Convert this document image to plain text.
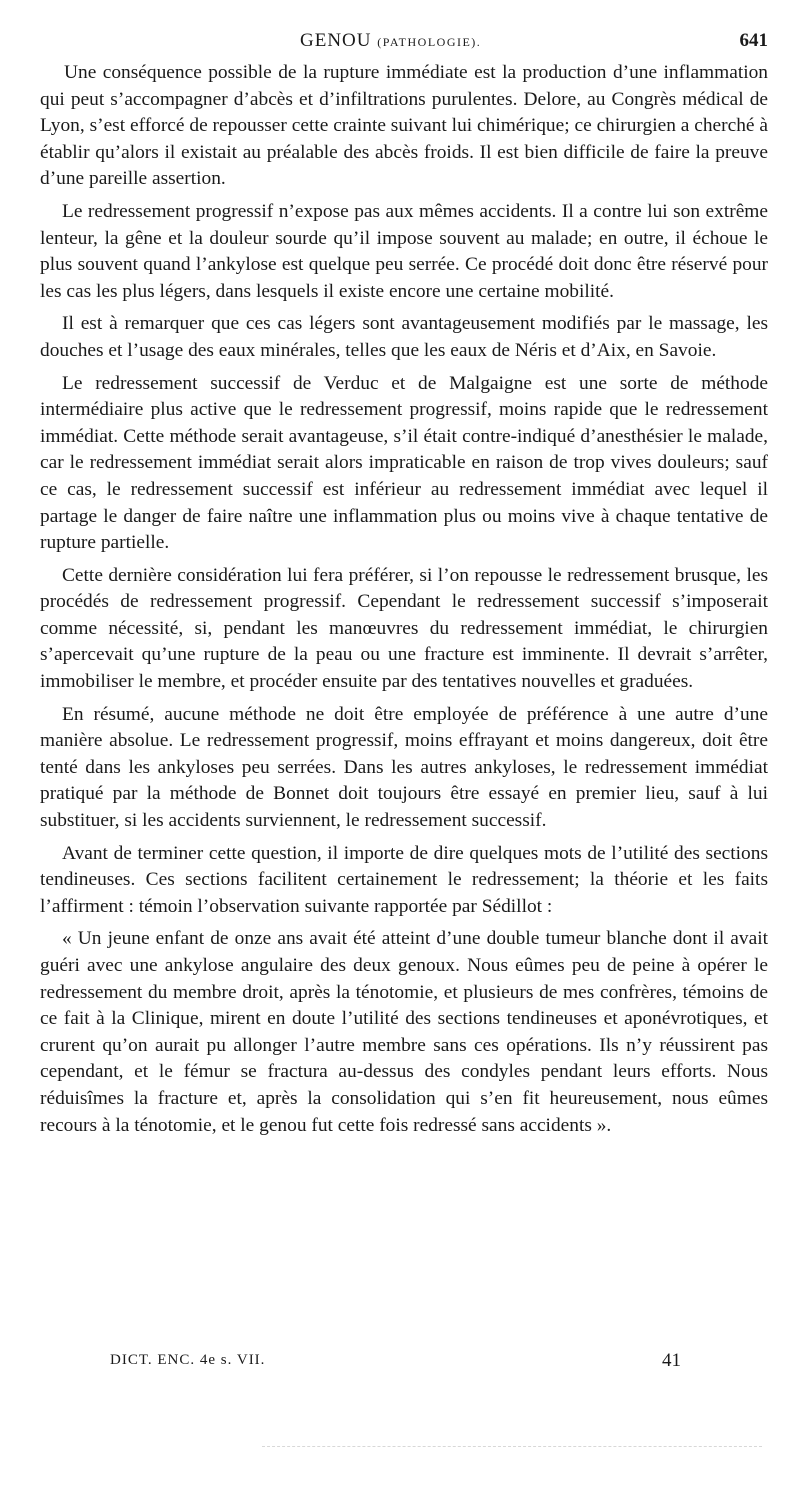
GENOU (PATHOLOGIE).	641

Une conséquence possible de la rupture immédiate est la production d’une inflammation qui peut s’accompagner d’abcès et d’infiltrations purulentes. Delore, au Congrès médical de Lyon, s’est efforcé de repousser cette crainte suivant lui chimérique; ce chirurgien a cherché à établir qu’alors il existait au préalable des abcès froids. Il est bien difficile de faire la preuve d’une pareille assertion.

Le redressement progressif n’expose pas aux mêmes accidents. Il a contre lui son extrême lenteur, la gêne et la douleur sourde qu’il impose souvent au malade; en outre, il échoue le plus souvent quand l’ankylose est quelque peu serrée. Ce procédé doit donc être réservé pour les cas les plus légers, dans lesquels il existe encore une certaine mobilité.

Il est à remarquer que ces cas légers sont avantageusement modifiés par le massage, les douches et l’usage des eaux minérales, telles que les eaux de Néris et d’Aix, en Savoie.

Le redressement successif de Verduc et de Malgaigne est une sorte de méthode intermédiaire plus active que le redressement progressif, moins rapide que le redressement immédiat. Cette méthode serait avantageuse, s’il était contre-indiqué d’anesthésier le malade, car le redressement immédiat serait alors impraticable en raison de trop vives douleurs; sauf ce cas, le redressement successif est inférieur au redressement immédiat avec lequel il partage le danger de faire naître une inflammation plus ou moins vive à chaque tentative de rupture partielle.

Cette dernière considération lui fera préférer, si l’on repousse le redressement brusque, les procédés de redressement progressif. Cependant le redressement successif s’imposerait comme nécessité, si, pendant les manœuvres du redressement immédiat, le chirurgien s’apercevait qu’une rupture de la peau ou une fracture est imminente. Il devrait s’arrêter, immobiliser le membre, et procéder ensuite par des tentatives nouvelles et graduées.

En résumé, aucune méthode ne doit être employée de préférence à une autre d’une manière absolue. Le redressement progressif, moins effrayant et moins dangereux, doit être tenté dans les ankyloses peu serrées. Dans les autres ankyloses, le redressement immédiat pratiqué par la méthode de Bonnet doit toujours être essayé en premier lieu, sauf à lui substituer, si les accidents surviennent, le redressement successif.

Avant de terminer cette question, il importe de dire quelques mots de l’utilité des sections tendineuses. Ces sections facilitent certainement le redressement; la théorie et les faits l’affirment : témoin l’observation suivante rapportée par Sédillot :

« Un jeune enfant de onze ans avait été atteint d’une double tumeur blanche dont il avait guéri avec une ankylose angulaire des deux genoux. Nous eûmes peu de peine à opérer le redressement du membre droit, après la ténotomie, et plusieurs de mes confrères, témoins de ce fait à la Clinique, mirent en doute l’utilité des sections tendineuses et aponévrotiques, et crurent qu’on aurait pu allonger l’autre membre sans ces opérations. Ils n’y réussirent pas cependant, et le fémur se fractura au-dessus des condyles pendant leurs efforts. Nous réduisîmes la fracture et, après la consolidation qui s’en fit heureusement, nous eûmes recours à la ténotomie, et le genou fut cette fois redressé sans accidents ».

DICT. ENC. 4e s. VII.	41
